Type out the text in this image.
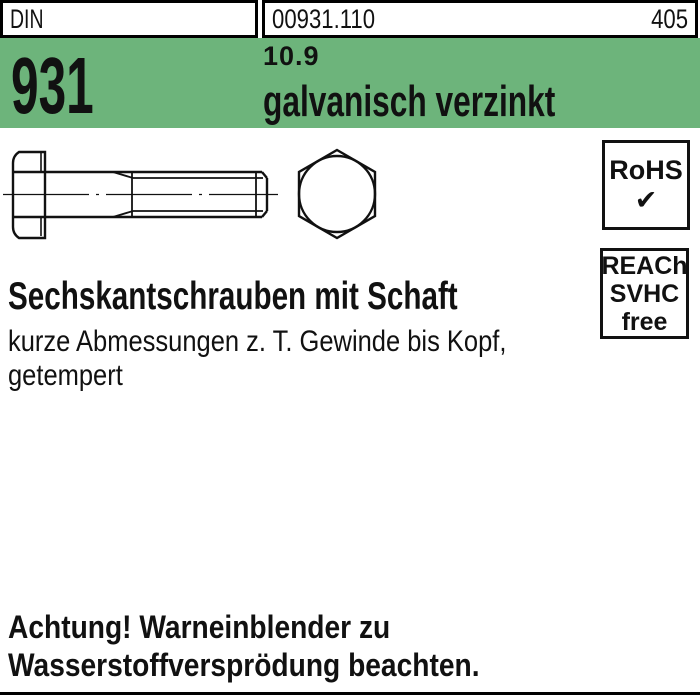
DIN	00931.110	405
931	10.9
galvanisch verzinkt
RoHS
✔
REACh
SVHC
free
Sechskantschrauben mit Schaft
kurze Abmessungen z. T. Gewinde bis Kopf,
getempert
Achtung! Warneinblender zu
Wasserstoffversprödung beachten.
